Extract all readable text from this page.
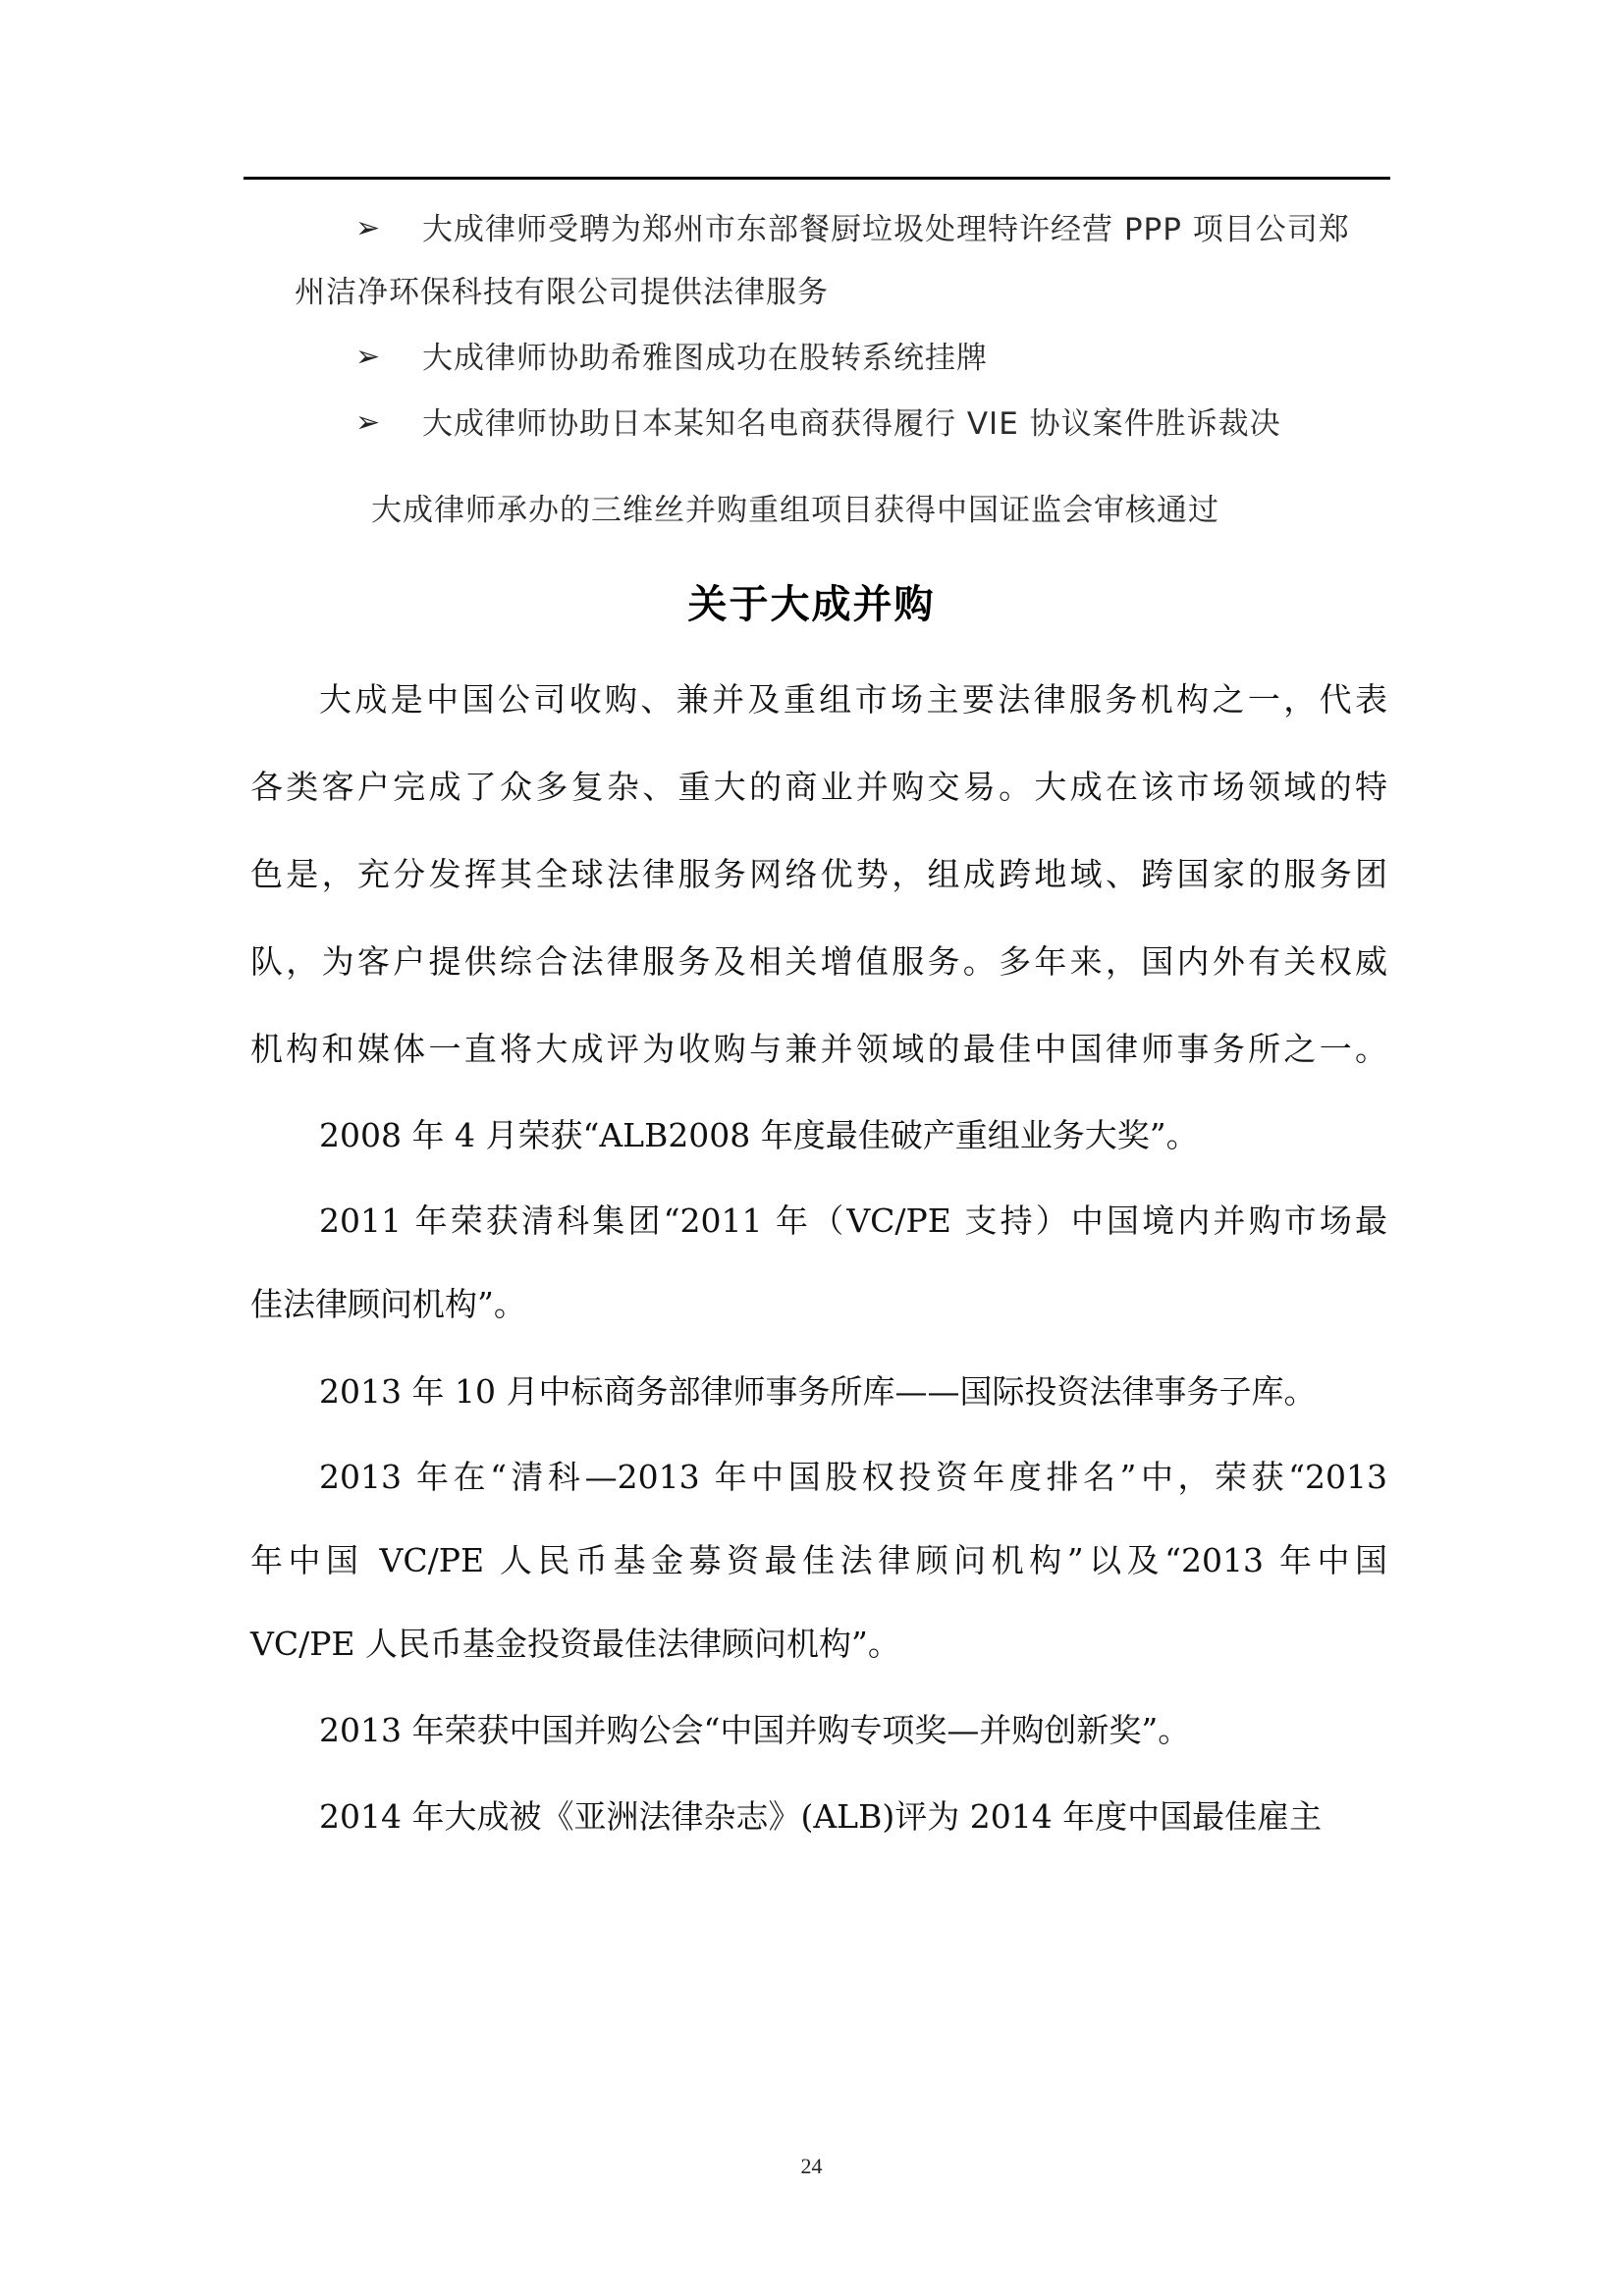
➢ 大成律师受聘为郑州市东部餐厨垃圾处理特许经营 PPP 项目公司郑
州洁净环保科技有限公司提供法律服务
➢ 大成律师协助希雅图成功在股转系统挂牌
➢ 大成律师协助日本某知名电商获得履行 VIE 协议案件胜诉裁决
大成律师承办的三维丝并购重组项目获得中国证监会审核通过
关于大成并购
大成是中国公司收购、兼并及重组市场主要法律服务机构之一，代表
各类客户完成了众多复杂、重大的商业并购交易。大成在该市场领域的特
色是，充分发挥其全球法律服务网络优势，组成跨地域、跨国家的服务团
队，为客户提供综合法律服务及相关增值服务。多年来，国内外有关权威
机构和媒体一直将大成评为收购与兼并领域的最佳中国律师事务所之一。
2008 年 4 月荣获“ALB2008 年度最佳破产重组业务大奖”。
2011 年荣获清科集团“2011 年（VC/PE 支持）中国境内并购市场最
佳法律顾问机构”。
2013 年 10 月中标商务部律师事务所库——国际投资法律事务子库。
2013 年在“清科—2013 年中国股权投资年度排名”中，荣获“2013
年中国 VC/PE 人民币基金募资最佳法律顾问机构”以及“2013 年中国
VC/PE 人民币基金投资最佳法律顾问机构”。
2013 年荣获中国并购公会“中国并购专项奖—并购创新奖”。
2014 年大成被《亚洲法律杂志》(ALB)评为 2014 年度中国最佳雇主
24
